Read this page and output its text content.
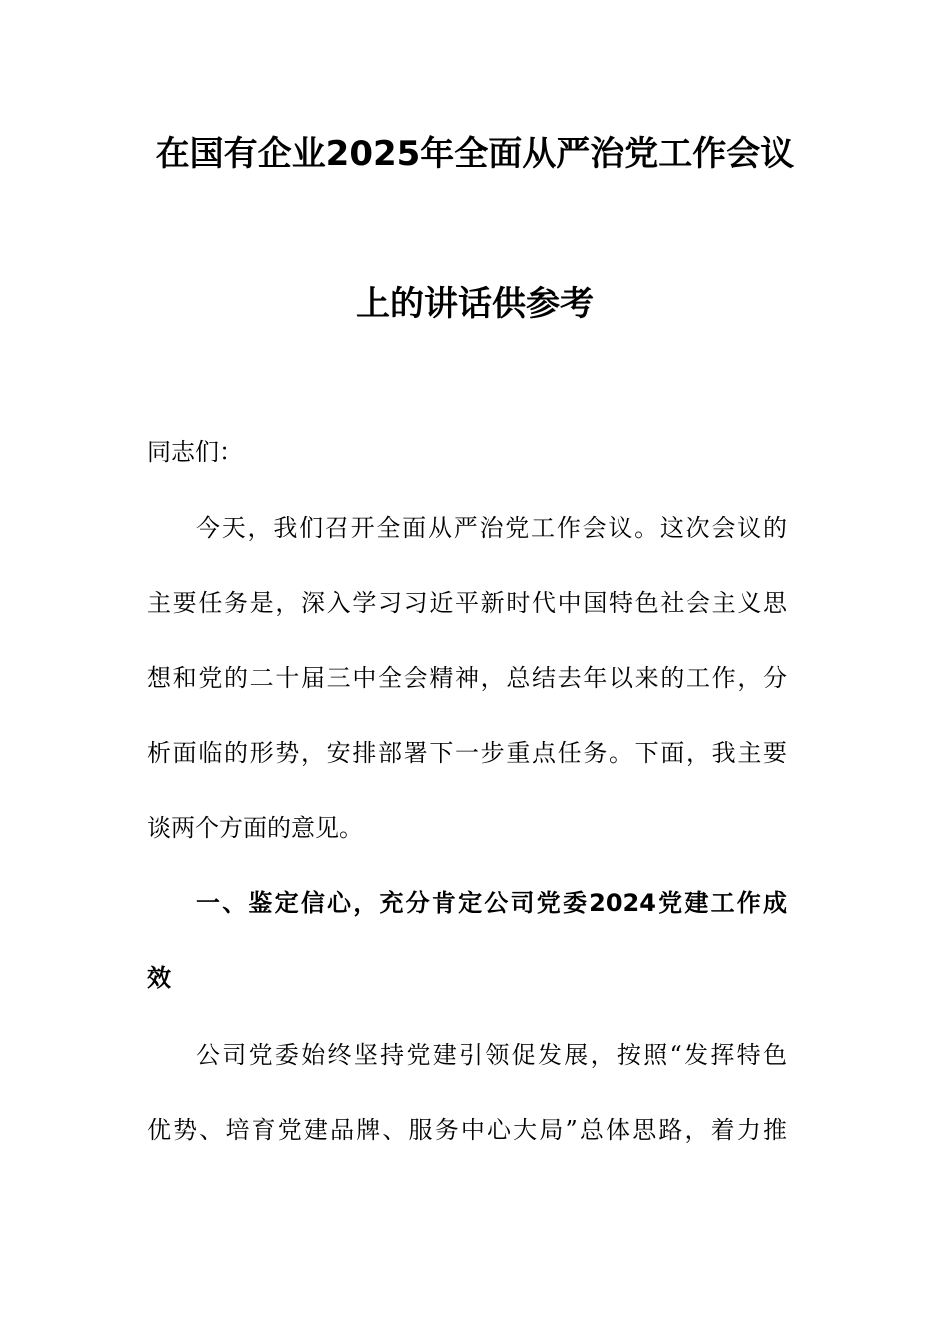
在国有企业2025年全面从严治党工作会议
上的讲话供参考
同志们：
今天，我们召开全面从严治党工作会议。这次会议的
主要任务是，深入学习习近平新时代中国特色社会主义思
想和党的二十届三中全会精神，总结去年以来的工作，分
析面临的形势，安排部署下一步重点任务。下面，我主要
谈两个方面的意见。
一、鉴定信心，充分肯定公司党委2024党建工作成
效
公司党委始终坚持党建引领促发展，按照“发挥特色
优势、培育党建品牌、服务中心大局”总体思路，着力推
